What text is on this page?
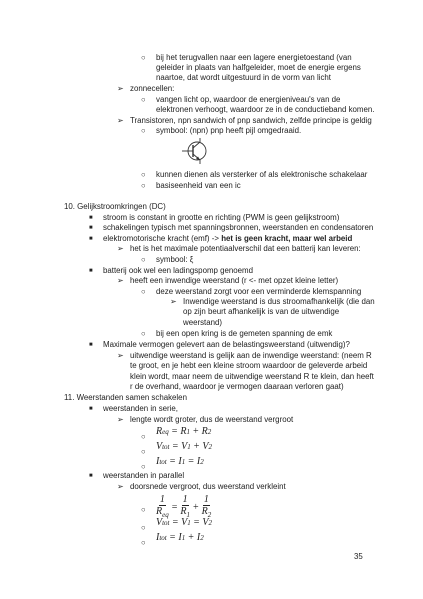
○ bij het terugvallen naar een lagere energietoestand (van
geleider in plaats van halfgeleider, moet de energie ergens
naartoe, dat wordt uitgestuurd in de vorm van licht
➢ zonnecellen:
○ vangen licht op, waardoor de energieniveau's van de
elektronen verhoogt, waardoor ze in de conductieband komen.
➢ Transistoren, npn sandwich of pnp sandwich, zelfde principe is geldig
○ symbool: (npn) pnp heeft pijl omgedraaid.
○ kunnen dienen als versterker of als elektronische schakelaar
○ basiseenheid van een ic
10. Gelijkstroomkringen (DC)
■ stroom is constant in grootte en richting (PWM is geen gelijkstroom)
■ schakelingen typisch met spanningsbronnen, weerstanden en condensatoren
■ elektromotorische kracht (emf) -> het is geen kracht, maar wel arbeid
➢ het is het maximale potentiaalverschil dat een batterij kan leveren:
○ symbool: ξ
■ batterij ook wel een ladingspomp genoemd
➢ heeft een inwendige weerstand (r <- met opzet kleine letter)
○ deze weerstand zorgt voor een verminderde klemspanning
➢ Inwendige weerstand is dus stroomafhankelijk (die dan
op zijn beurt afhankelijk is van de uitwendige
weerstand)
○ bij een open kring is de gemeten spanning de emk
■ Maximale vermogen gelevert aan de belastingsweerstand (uitwendig)?
➢ uitwendige weerstand is gelijk aan de inwendige weerstand: (neem R
te groot, en je hebt een kleine stroom waardoor de geleverde arbeid
klein wordt, maar neem de uitwendige weerstand R te klein, dan heeft
r de overhand, waardoor je vermogen daaraan verloren gaat)
11. Weerstanden samen schakelen
■ weerstanden in serie,
➢ lengte wordt groter, dus de weerstand vergroot
○ R eq = R 1 + R 2
○ V tot = V 1 + V 2
○ I tot = I 1 = I 2
■ weerstanden in parallel
➢ doorsnede vergroot, dus weerstand verkleint
○ $\frac{1}{R_{eq}} = \frac{1}{R_1} + \frac{1}{R_2}$
○ V tot = V 1 = V 2
○ I tot = I 1 + I 2
35
